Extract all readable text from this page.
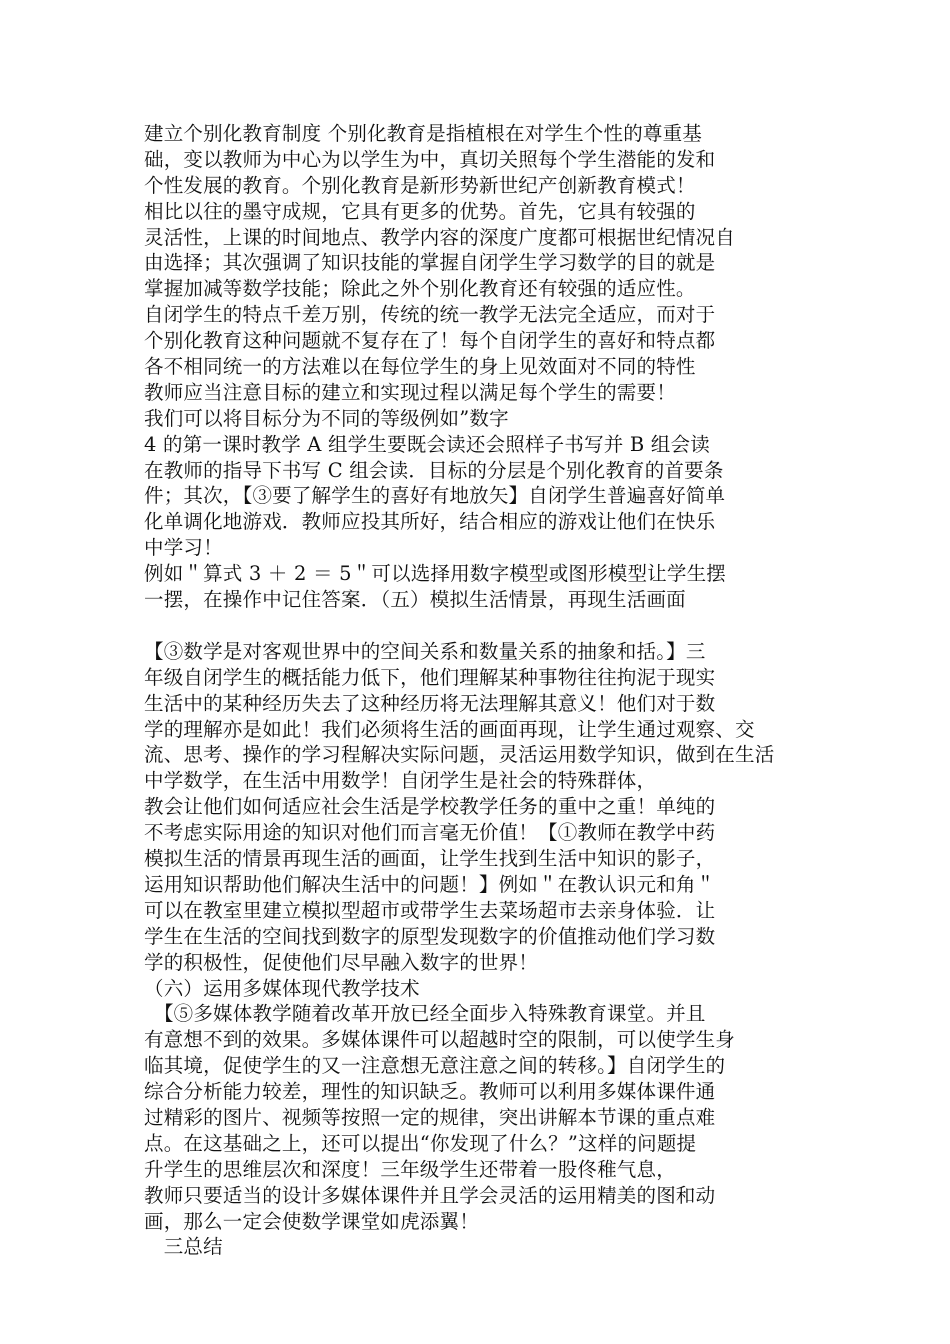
建立个别化教育制度 个别化教育是指植根在对学生个性的尊重基
础，变以教师为中心为以学生为中，真切关照每个学生潜能的发和
个性发展的教育。个别化教育是新形势新世纪产创新教育模式！
相比以往的墨守成规，它具有更多的优势。首先，它具有较强的
灵活性，上课的时间地点、教学内容的深度广度都可根据世纪情况自
由选择；其次强调了知识技能的掌握自闭学生学习数学的目的就是
掌握加减等数学技能；除此之外个别化教育还有较强的适应性。
自闭学生的特点千差万别，传统的统一教学无法完全适应，而对于
个别化教育这种问题就不复存在了！每个自闭学生的喜好和特点都
各不相同统一的方法难以在每位学生的身上见效面对不同的特性
教师应当注意目标的建立和实现过程以满足每个学生的需要！
我们可以将目标分为不同的等级例如”数字
4 的第一课时教学 A 组学生要既会读还会照样子书写并 B 组会读
在教师的指导下书写 C 组会读．目标的分层是个别化教育的首要条
件；其次，【③要了解学生的喜好有地放矢】自闭学生普遍喜好简单
化单调化地游戏．教师应投其所好，结合相应的游戏让他们在快乐
中学习！
例如＂算式 3 ＋ 2 ＝ 5＂可以选择用数字模型或图形模型让学生摆
一摆，在操作中记住答案．（五）模拟生活情景，再现生活画面
【③数学是对客观世界中的空间关系和数量关系的抽象和括。】三
年级自闭学生的概括能力低下，他们理解某种事物往往拘泥于现实
生活中的某种经历失去了这种经历将无法理解其意义！他们对于数
学的理解亦是如此！我们必须将生活的画面再现，让学生通过观察、交
流、思考、操作的学习程解决实际问题，灵活运用数学知识，做到在生活
中学数学，在生活中用数学！自闭学生是社会的特殊群体，
教会让他们如何适应社会生活是学校教学任务的重中之重！单纯的
不考虑实际用途的知识对他们而言毫无价值！【①教师在教学中药
模拟生活的情景再现生活的画面，让学生找到生活中知识的影子，
运用知识帮助他们解决生活中的问题！】例如＂在教认识元和角＂
可以在教室里建立模拟型超市或带学生去菜场超市去亲身体验．让
学生在生活的空间找到数字的原型发现数字的价值推动他们学习数
学的积极性，促使他们尽早融入数字的世界！
（六）运用多媒体现代教学技术
　【⑤多媒体教学随着改革开放已经全面步入特殊教育课堂。并且
有意想不到的效果。多媒体课件可以超越时空的限制，可以使学生身
临其境，促使学生的又一注意想无意注意之间的转移。】自闭学生的
综合分析能力较差，理性的知识缺乏。教师可以利用多媒体课件通
过精彩的图片、视频等按照一定的规律，突出讲解本节课的重点难
点。在这基础之上，还可以提出“你发现了什么？”这样的问题提
升学生的思维层次和深度！三年级学生还带着一股佟稚气息，
教师只要适当的设计多媒体课件并且学会灵活的运用精美的图和动
画，那么一定会使数学课堂如虎添翼！
　三总结
